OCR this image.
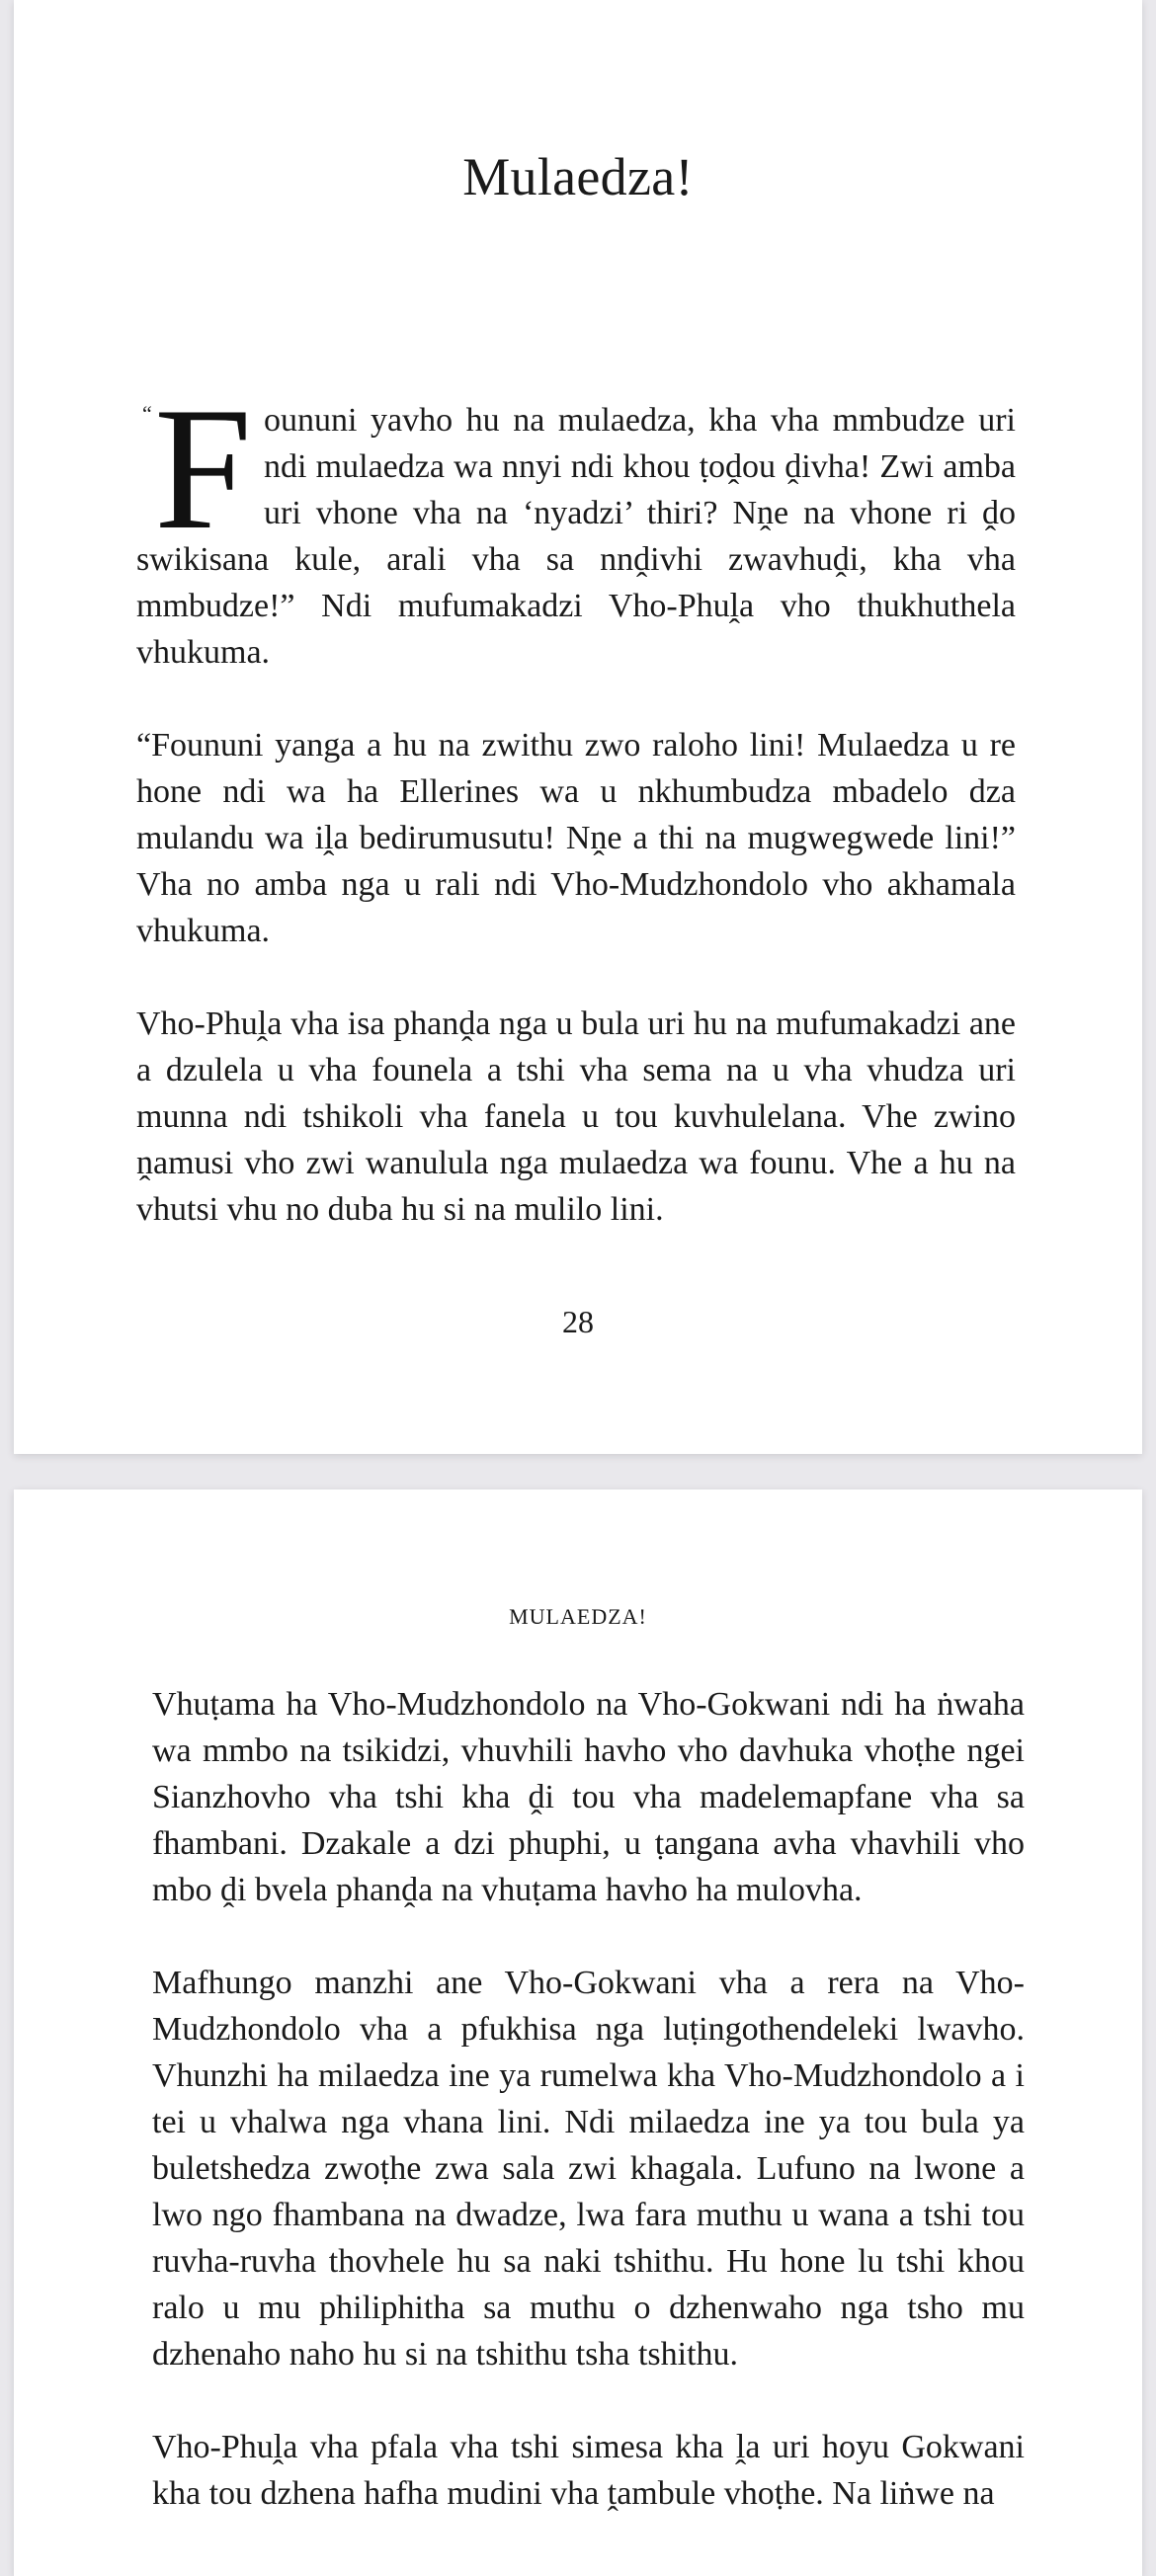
Mulaedza!

“ F oununi yavho hu na mulaedza, kha vha mmbudze uri ndi mulaedza wa nnyi ndi khou ṭoḓou ḓivha! Zwi amba uri vhone vha na ‘nyadzi’ thiri? Nṋe na vhone ri ḓo swikisana kule, arali vha sa nnḓivhi zwavhuḓi, kha vha mmbudze!” Ndi mufumakadzi Vho-Phuḽa vho thukhuthela vhukuma.

“Foununi yanga a hu na zwithu zwo raloho lini! Mulaedza u re hone ndi wa ha Ellerines wa u nkhumbudza mbadelo dza mulandu wa iḽa bedirumusutu! Nṋe a thi na mugwegwede lini!” Vha no amba nga u rali ndi Vho-Mudzhondolo vho akhamala vhukuma.

Vho-Phuḽa vha isa phanḓa nga u bula uri hu na mufumakadzi ane a dzulela u vha founela a tshi vha sema na u vha vhudza uri munna ndi tshikoli vha fanela u tou kuvhulelana. Vhe zwino ṋamusi vho zwi wanulula nga mulaedza wa founu. Vhe a hu na vhutsi vhu no duba hu si na mulilo lini.

28
MULAEDZA!

Vhuṭama ha Vho-Mudzhondolo na Vho-Gokwani ndi ha ṅwaha wa mmbo na tsikidzi, vhuvhili havho vho davhuka vhoṭhe ngei Sianzhovho vha tshi kha ḓi tou vha madelemapfane vha sa fhambani. Dzakale a dzi phuphi, u ṭangana avha vhavhili vho mbo ḓi bvela phanḓa na vhuṭama havho ha mulovha.

Mafhungo manzhi ane Vho-Gokwani vha a rera na Vho-Mudzhondolo vha a pfukhisa nga luṭingothendeleki lwavho. Vhunzhi ha milaedza ine ya rumelwa kha Vho-Mudzhondolo a i tei u vhalwa nga vhana lini. Ndi milaedza ine ya tou bula ya buletshedza zwoṭhe zwa sala zwi khagala. Lufuno na lwone a lwo ngo fhambana na dwadze, lwa fara muthu u wana a tshi tou ruvha-ruvha thovhele hu sa naki tshithu. Hu hone lu tshi khou ralo u mu philiphitha sa muthu o dzhenwaho nga tsho mu dzhenaho naho hu si na tshithu tsha tshithu.

Vho-Phuḽa vha pfala vha tshi simesa kha ḽa uri hoyu Gokwani kha tou dzhena hafha mudini vha ṱambule vhoṭhe. Na liṅwe na
